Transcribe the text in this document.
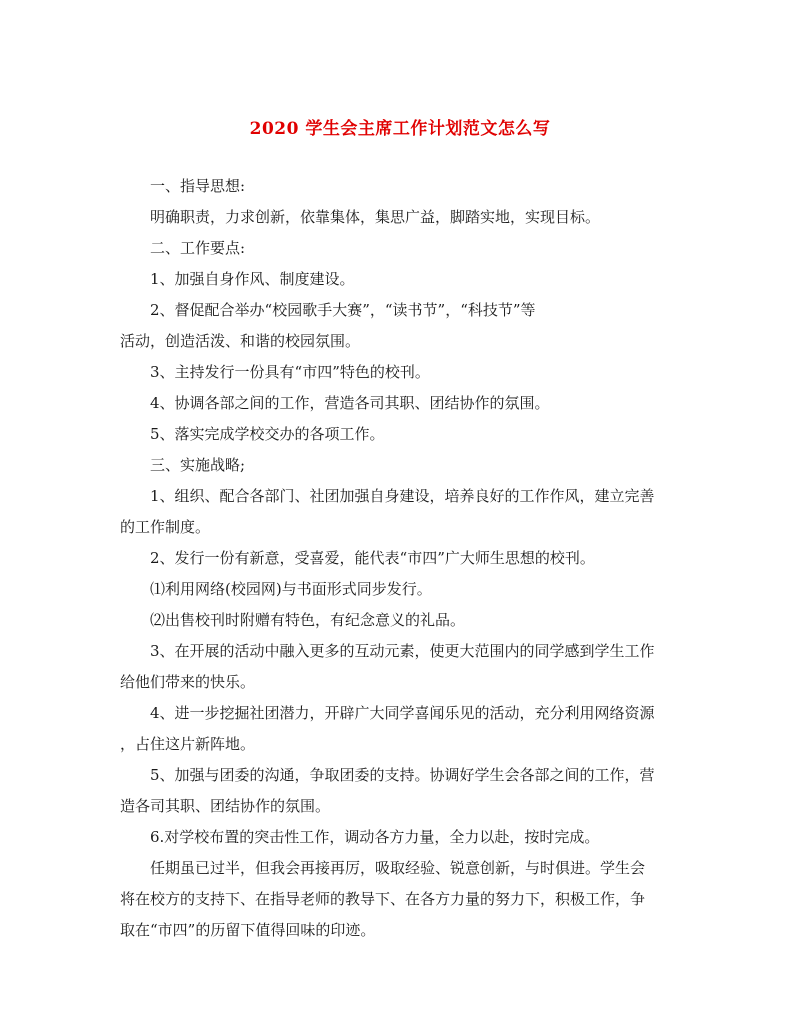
2020 学生会主席工作计划范文怎么写
一、指导思想:
明确职责，力求创新，依靠集体，集思广益，脚踏实地，实现目标。
二、工作要点:
1、加强自身作风、制度建设。
2、督促配合举办“校园歌手大赛”，“读书节”，“科技节”等
活动，创造活泼、和谐的校园氛围。
3、主持发行一份具有“市四”特色的校刊。
4、协调各部之间的工作，营造各司其职、团结协作的氛围。
5、落实完成学校交办的各项工作。
三、实施战略;
1、组织、配合各部门、社团加强自身建设，培养良好的工作作风，建立完善
的工作制度。
2、发行一份有新意，受喜爱，能代表“市四”广大师生思想的校刊。
⑴利用网络(校园网)与书面形式同步发行。
⑵出售校刊时附赠有特色，有纪念意义的礼品。
3、在开展的活动中融入更多的互动元素，使更大范围内的同学感到学生工作
给他们带来的快乐。
4、进一步挖掘社团潜力，开辟广大同学喜闻乐见的活动，充分利用网络资源
，占住这片新阵地。
5、加强与团委的沟通，争取团委的支持。协调好学生会各部之间的工作，营
造各司其职、团结协作的氛围。
6.对学校布置的突击性工作，调动各方力量，全力以赴，按时完成。
任期虽已过半，但我会再接再厉，吸取经验、锐意创新，与时俱进。学生会
将在校方的支持下、在指导老师的教导下、在各方力量的努力下，积极工作，争
取在“市四”的历留下值得回味的印迹。
